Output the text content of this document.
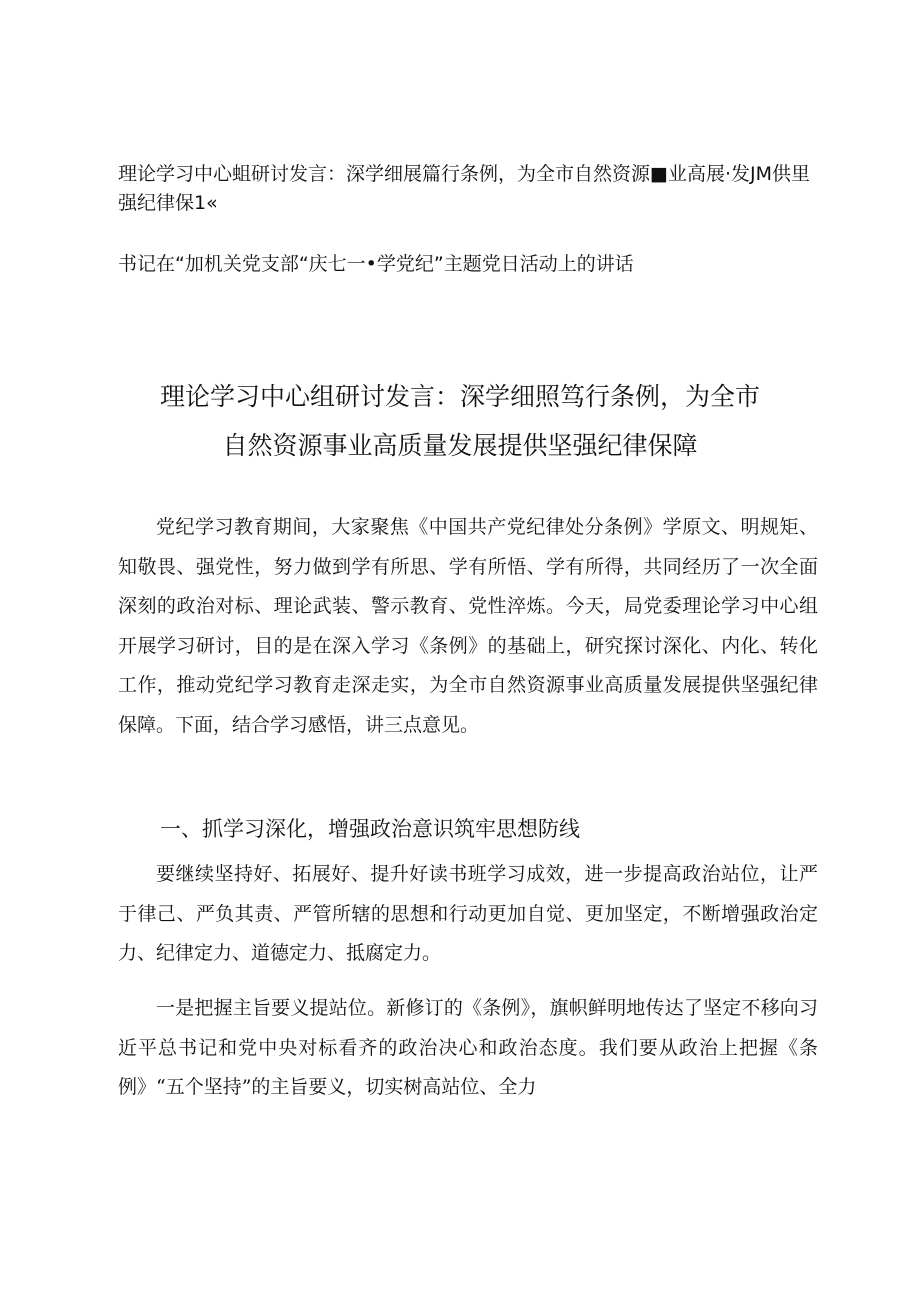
理论学习中心蛆研讨发言：深学细展篇行条例，为全市自然资源■业高展·发JM供里强纪律保1«
书记在“加机关党支部“庆七一•学党纪”主题党日活动上的讲话
理论学习中心组研讨发言：深学细照笃行条例，为全市
自然资源事业高质量发展提供坚强纪律保障

党纪学习教育期间，大家聚焦《中国共产党纪律处分条例》学原文、明规矩、知敬畏、强党性，努力做到学有所思、学有所悟、学有所得，共同经历了一次全面深刻的政治对标、理论武装、警示教育、党性淬炼。今天，局党委理论学习中心组开展学习研讨，目的是在深入学习《条例》的基础上，研究探讨深化、内化、转化工作，推动党纪学习教育走深走实，为全市自然资源事业高质量发展提供坚强纪律保障。下面，结合学习感悟，讲三点意见。

一、抓学习深化，增强政治意识筑牢思想防线

要继续坚持好、拓展好、提升好读书班学习成效，进一步提高政治站位，让严于律己、严负其责、严管所辖的思想和行动更加自觉、更加坚定，不断增强政治定力、纪律定力、道德定力、抵腐定力。

一是把握主旨要义提站位。新修订的《条例》，旗帜鲜明地传达了坚定不移向习近平总书记和党中央对标看齐的政治决心和政治态度。我们要从政治上把握《条例》“五个坚持”的主旨要义，切实树高站位、全力
